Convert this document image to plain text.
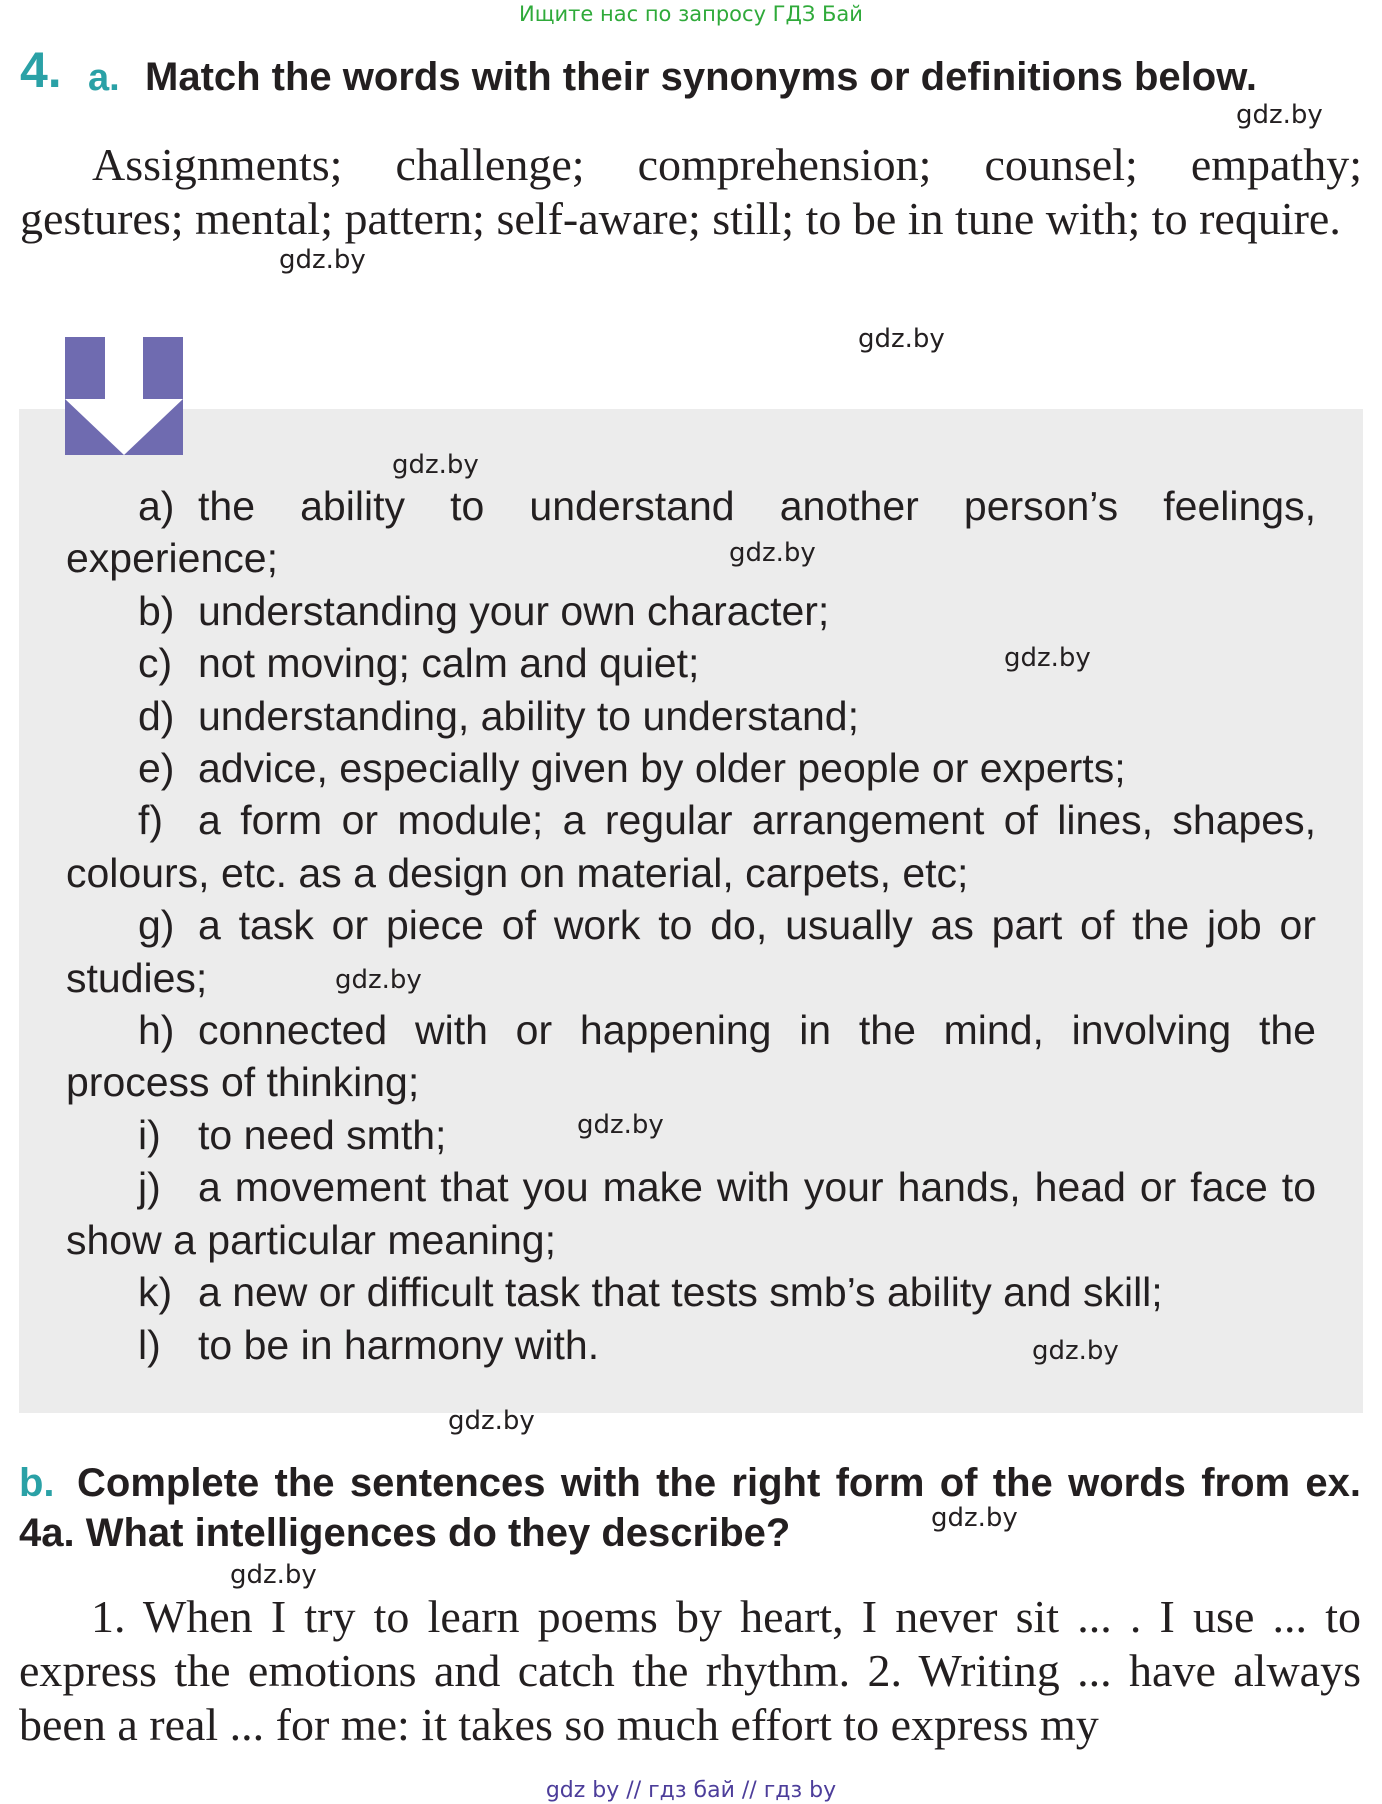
Ищите нас по запросу ГДЗ Бай
4. a. Match the words with their synonyms or definitions below.
Assignments; challenge; comprehension; counsel; empathy; gestures; mental; pattern; self-aware; still; to be in tune with; to require.
a) the ability to understand another person’s feelings, experience;
b) understanding your own character;
c) not moving; calm and quiet;
d) understanding, ability to understand;
e) advice, especially given by older people or experts;
f) a form or module; a regular arrangement of lines, shapes, colours, etc. as a design on material, carpets, etc;
g) a task or piece of work to do, usually as part of the job or studies;
h) connected with or happening in the mind, involving the process of thinking;
i) to need smth;
j) a movement that you make with your hands, head or face to show a particular meaning;
k) a new or difficult task that tests smb’s ability and skill;
l) to be in harmony with.
b. Complete the sentences with the right form of the words from ex. 4a. What intelligences do they describe?
1. When I try to learn poems by heart, I never sit ... . I use ... to express the emotions and catch the rhythm. 2. Writing ... have always been a real ... for me: it takes so much effort to express my
gdz.by
gdz.by
gdz.by
gdz.by
gdz.by
gdz.by
gdz.by
gdz.by
gdz.by
gdz.by
gdz.by
gdz.by
gdz by // гдз бай // гдз by
